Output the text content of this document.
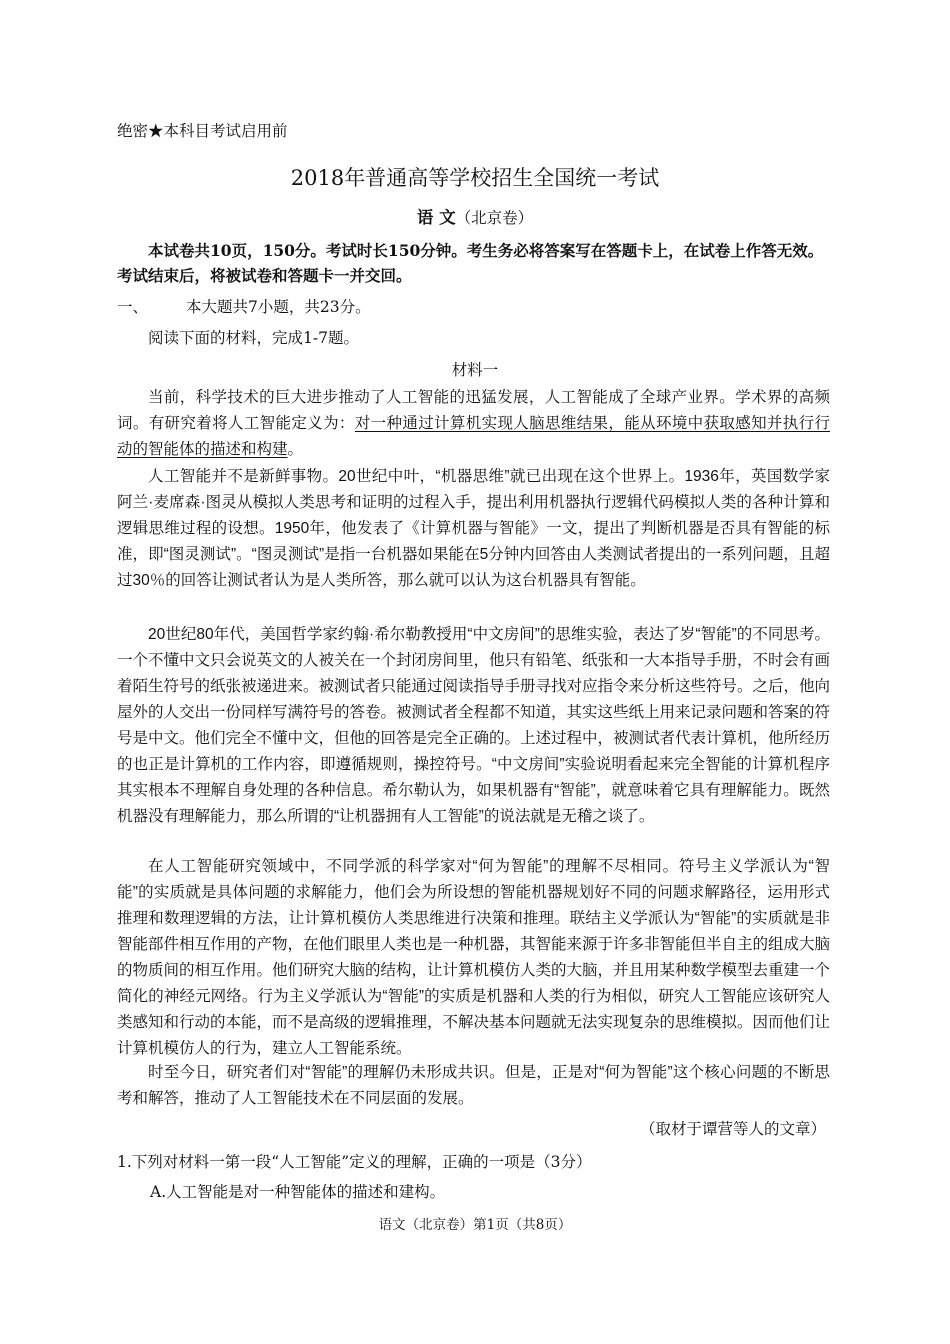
绝密★本科目考试启用前
2018年普通高等学校招生全国统一考试
语 文（北京卷）
本试卷共10页，150分。考试时长150分钟。考生务必将答案写在答题卡上，在试卷上作答无效。
考试结束后，将被试卷和答题卡一并交回。
一、 本大题共7小题，共23分。
阅读下面的材料，完成1-7题。
材料一

当前，科学技术的巨大进步推动了人工智能的迅猛发展，人工智能成了全球产业界。学术界的高频词。有研究着将人工智能定义为：对一种通过计算机实现人脑思维结果，能从环境中获取感知并执行行动的智能体的描述和构建。

人工智能并不是新鲜事物。20世纪中叶，“机器思维”就已出现在这个世界上。1936年，英国数学家阿兰·麦席森·图灵从模拟人类思考和证明的过程入手，提出利用机器执行逻辑代码模拟人类的各种计算和逻辑思维过程的设想。1950年，他发表了《计算机器与智能》一文，提出了判断机器是否具有智能的标准，即“图灵测试”。“图灵测试”是指一台机器如果能在5分钟内回答由人类测试者提出的一系列问题，且超过30％的回答让测试者认为是人类所答，那么就可以认为这台机器具有智能。

20世纪80年代，美国哲学家约翰·希尔勒教授用“中文房间”的思维实验，表达了岁“智能”的不同思考。一个不懂中文只会说英文的人被关在一个封闭房间里，他只有铅笔、纸张和一大本指导手册，不时会有画着陌生符号的纸张被递进来。被测试者只能通过阅读指导手册寻找对应指令来分析这些符号。之后，他向屋外的人交出一份同样写满符号的答卷。被测试者全程都不知道，其实这些纸上用来记录问题和答案的符号是中文。他们完全不懂中文，但他的回答是完全正确的。上述过程中，被测试者代表计算机，他所经历的也正是计算机的工作内容，即遵循规则，操控符号。“中文房间”实验说明看起来完全智能的计算机程序其实根本不理解自身处理的各种信息。希尔勒认为，如果机器有“智能”，就意味着它具有理解能力。既然机器没有理解能力，那么所谓的“让机器拥有人工智能”的说法就是无稽之谈了。

在人工智能研究领域中，不同学派的科学家对“何为智能”的理解不尽相同。符号主义学派认为“智能”的实质就是具体问题的求解能力，他们会为所设想的智能机器规划好不同的问题求解路径，运用形式推理和数理逻辑的方法，让计算机模仿人类思维进行决策和推理。联结主义学派认为“智能”的实质就是非智能部件相互作用的产物，在他们眼里人类也是一种机器，其智能来源于许多非智能但半自主的组成大脑的物质间的相互作用。他们研究大脑的结构，让计算机模仿人类的大脑，并且用某种数学模型去重建一个简化的神经元网络。行为主义学派认为“智能”的实质是机器和人类的行为相似，研究人工智能应该研究人类感知和行动的本能，而不是高级的逻辑推理，不解决基本问题就无法实现复杂的思维模拟。因而他们让计算机模仿人的行为，建立人工智能系统。

时至今日，研究者们对“智能”的理解仍未形成共识。但是，正是对“何为智能”这个核心问题的不断思考和解答，推动了人工智能技术在不同层面的发展。

（取材于谭营等人的文章）
1.下列对材料一第一段“人工智能”定义的理解，正确的一项是（3分）
A.人工智能是对一种智能体的描述和建构。
语文（北京卷）第1页（共8页）
